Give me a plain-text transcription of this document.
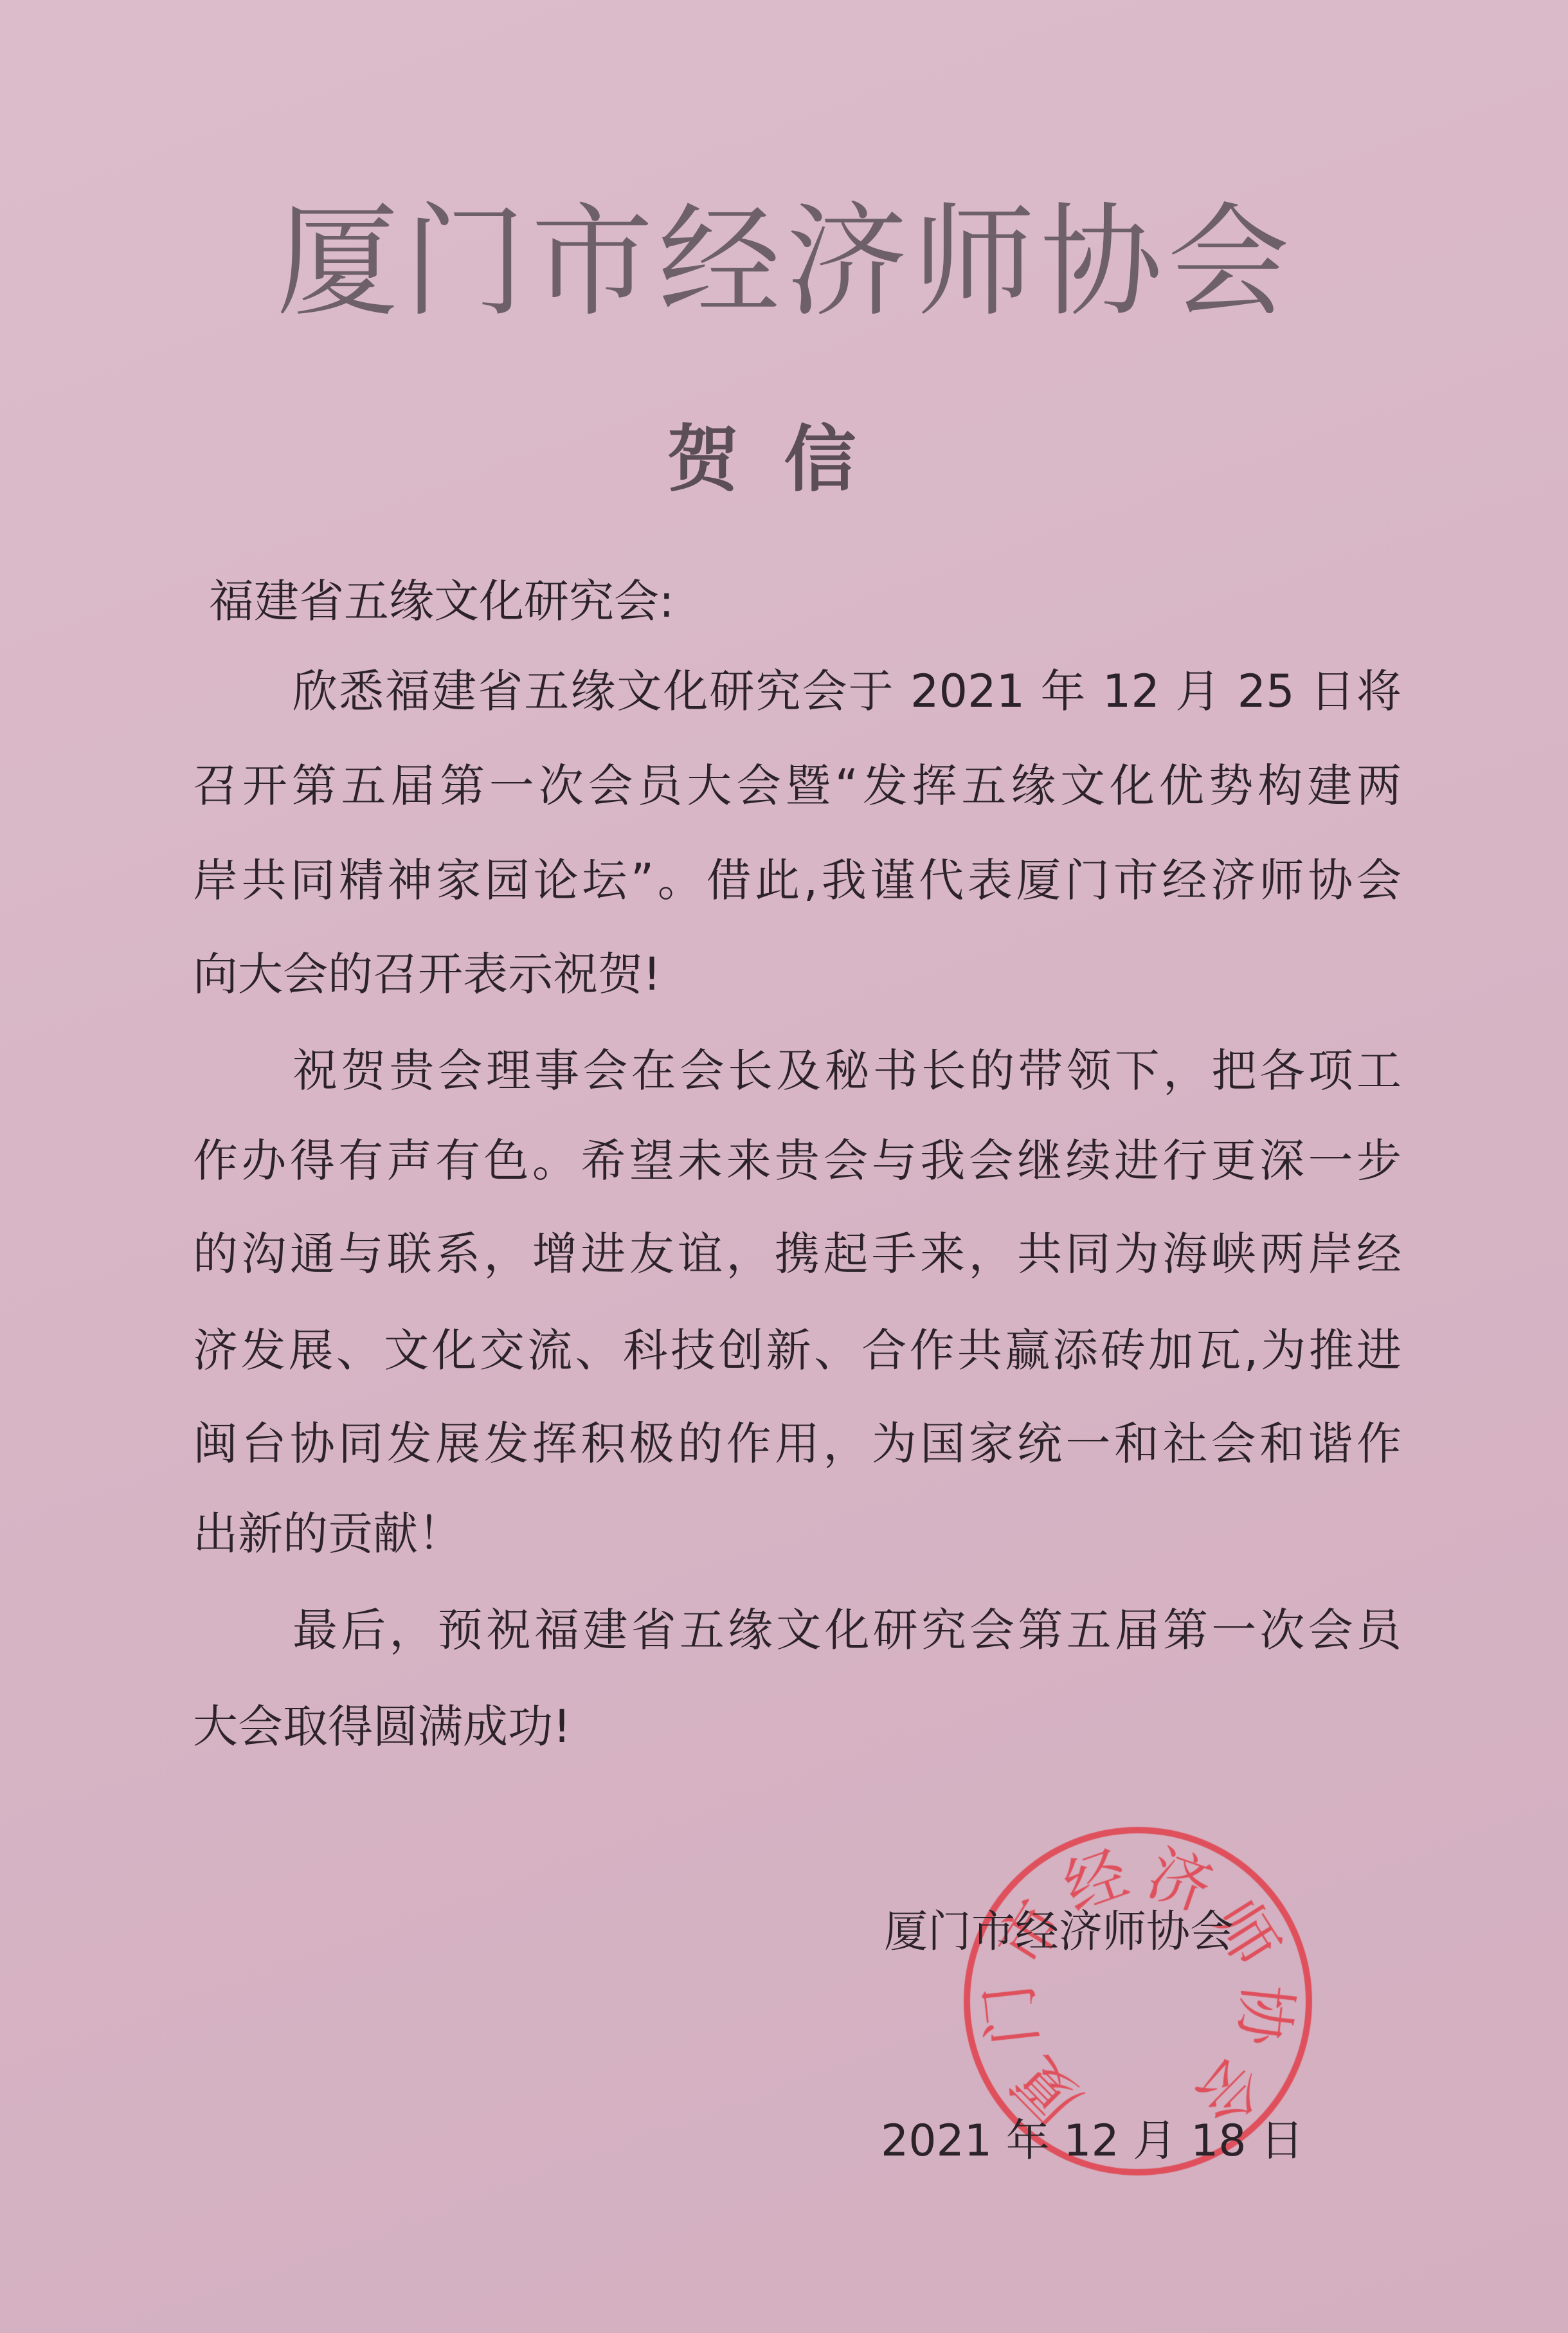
厦门市经济师协会
贺信
福建省五缘文化研究会:
欣悉福建省五缘文化研究会于 2021 年 12 月 25 日将
召开第五届第一次会员大会暨“发挥五缘文化优势构建两
岸共同精神家园论坛”。借此,我谨代表厦门市经济师协会
向大会的召开表示祝贺!
祝贺贵会理事会在会长及秘书长的带领下，把各项工
作办得有声有色。希望未来贵会与我会继续进行更深一步
的沟通与联系，增进友谊，携起手来，共同为海峡两岸经
济发展、文化交流、科技创新、合作共赢添砖加瓦,为推进
闽台协同发展发挥积极的作用，为国家统一和社会和谐作
出新的贡献！
最后，预祝福建省五缘文化研究会第五届第一次会员
大会取得圆满成功!
厦门市经济师协会
2021 年 12 月 18 日
